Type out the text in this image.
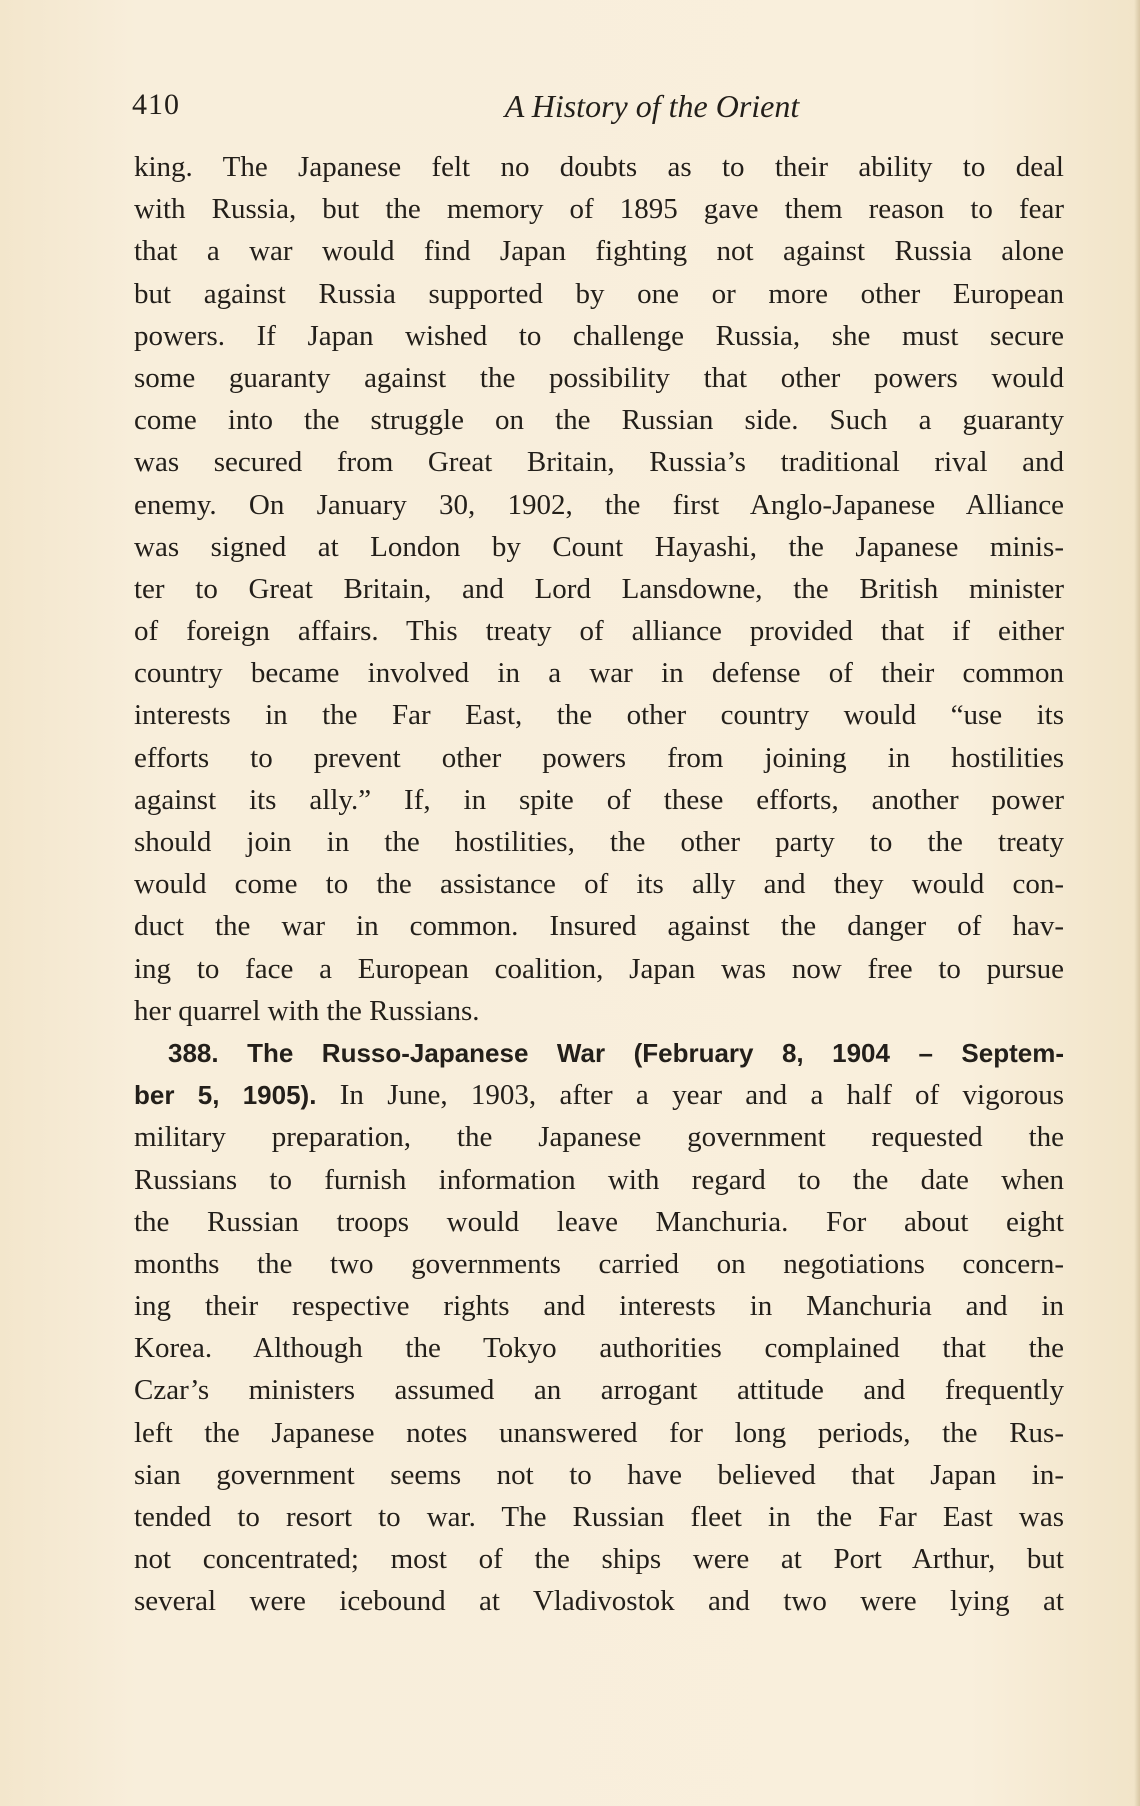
410	A History of the Orient
king. The Japanese felt no doubts as to their ability to deal
with Russia, but the memory of 1895 gave them reason to fear
that a war would find Japan fighting not against Russia alone
but against Russia supported by one or more other European
powers. If Japan wished to challenge Russia, she must secure
some guaranty against the possibility that other powers would
come into the struggle on the Russian side. Such a guaranty
was secured from Great Britain, Russia’s traditional rival and
enemy. On January 30, 1902, the first Anglo-Japanese Alliance
was signed at London by Count Hayashi, the Japanese minis-
ter to Great Britain, and Lord Lansdowne, the British minister
of foreign affairs. This treaty of alliance provided that if either
country became involved in a war in defense of their common
interests in the Far East, the other country would “use its
efforts to prevent other powers from joining in hostilities
against its ally.” If, in spite of these efforts, another power
should join in the hostilities, the other party to the treaty
would come to the assistance of its ally and they would con-
duct the war in common. Insured against the danger of hav-
ing to face a European coalition, Japan was now free to pursue
her quarrel with the Russians.
388. The Russo-Japanese War (February 8, 1904 – Septem-
ber 5, 1905). In June, 1903, after a year and a half of vigorous
military preparation, the Japanese government requested the
Russians to furnish information with regard to the date when
the Russian troops would leave Manchuria. For about eight
months the two governments carried on negotiations concern-
ing their respective rights and interests in Manchuria and in
Korea. Although the Tokyo authorities complained that the
Czar’s ministers assumed an arrogant attitude and frequently
left the Japanese notes unanswered for long periods, the Rus-
sian government seems not to have believed that Japan in-
tended to resort to war. The Russian fleet in the Far East was
not concentrated; most of the ships were at Port Arthur, but
several were icebound at Vladivostok and two were lying at
